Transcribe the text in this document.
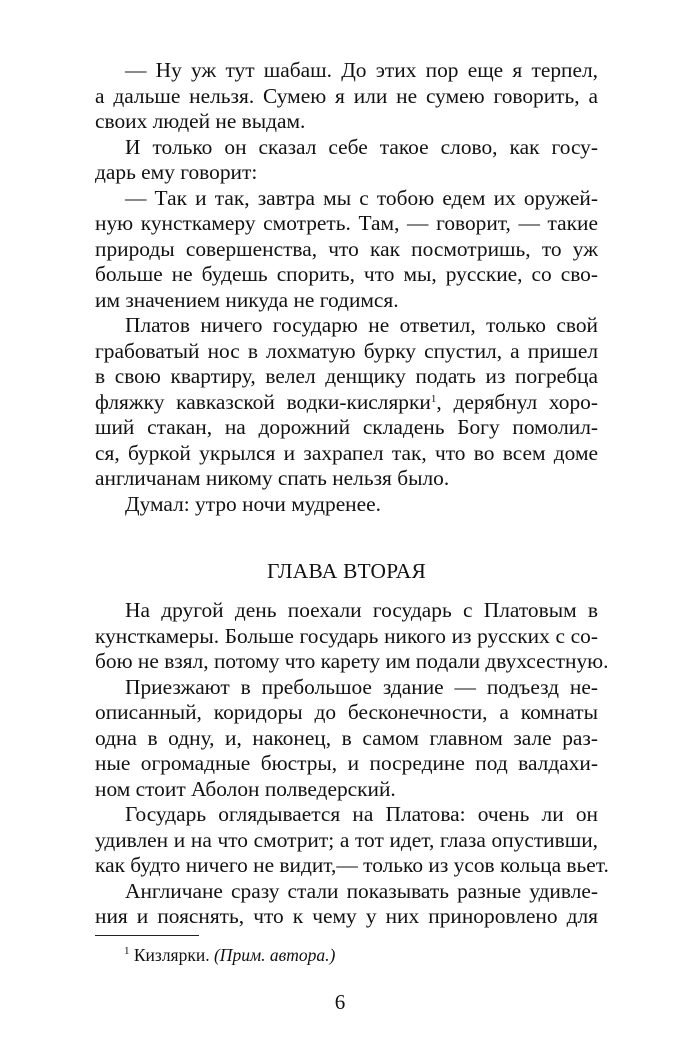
— Ну уж тут шабаш. До этих пор еще я терпел,
а дальше нельзя. Сумею я или не сумею говорить, а
своих людей не выдам.
И только он сказал себе такое слово, как госу-
дарь ему говорит:
— Так и так, завтра мы с тобою едем их оружей-
ную кунсткамеру смотреть. Там, — говорит, — такие
природы совершенства, что как посмотришь, то уж
больше не будешь спорить, что мы, русские, со сво-
им значением никуда не годимся.
Платов ничего государю не ответил, только свой
грабоватый нос в лохматую бурку спустил, а пришел
в свою квартиру, велел денщику подать из погребца
фляжку кавказской водки-кислярки$^1$, дерябнул хоро-
ший стакан, на дорожний складень Богу помолил-
ся, буркой укрылся и захрапел так, что во всем доме
англичанам никому спать нельзя было.
Думал: утро ночи мудренее.
ГЛАВА ВТОРАЯ
На другой день поехали государь с Платовым в
кунсткамеры. Больше государь никого из русских с со-
бою не взял, потому что карету им подали двухсестную.
Приезжают в пребольшое здание — подъезд не-
описанный, коридоры до бесконечности, а комнаты
одна в одну, и, наконец, в самом главном зале раз-
ные огромадные бюстры, и посредине под валдахи-
ном стоит Аболон полведерский.
Государь оглядывается на Платова: очень ли он
удивлен и на что смотрит; а тот идет, глаза опустивши,
как будто ничего не видит,— только из усов кольца вьет.
Англичане сразу стали показывать разные удивле-
ния и пояснять, что к чему у них приноровлено для
$^1$ Кизлярки. (Прим. автора.)
6
